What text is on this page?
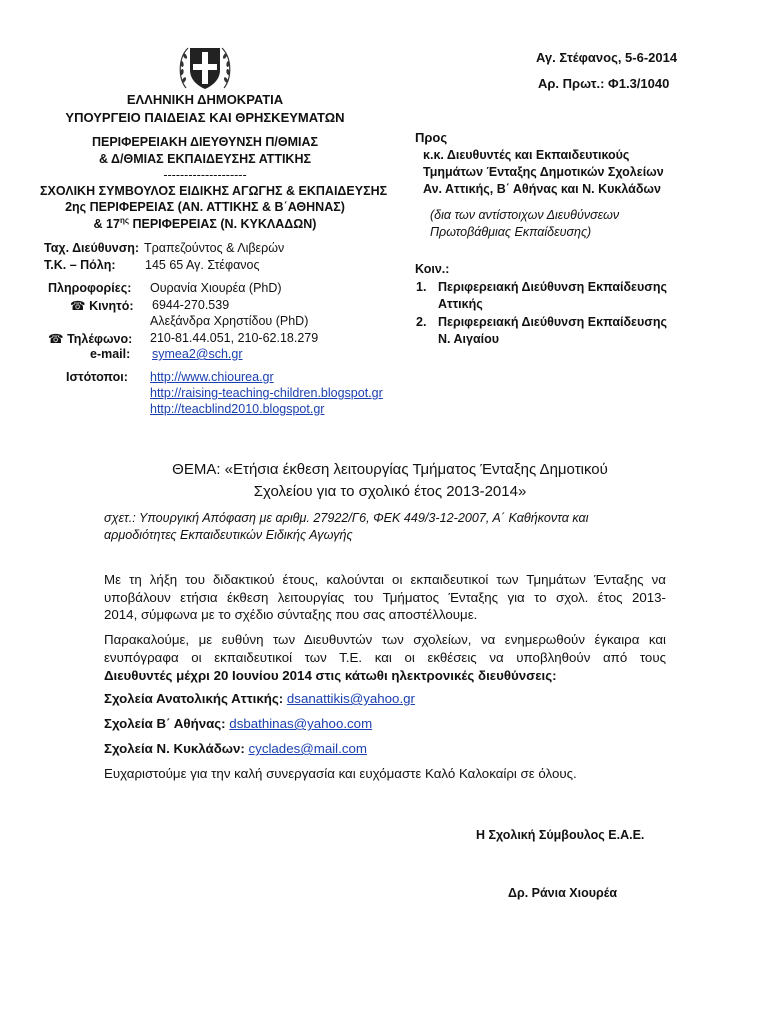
Αγ. Στέφανος, 5-6-2014
Αρ. Πρωτ.: Φ1.3/1040
ΕΛΛΗΝΙΚΗ ΔΗΜΟΚΡΑΤΙΑ
ΥΠΟΥΡΓΕΙΟ ΠΑΙΔΕΙΑΣ ΚΑΙ ΘΡΗΣΚΕΥΜΑΤΩΝ
ΠΕΡΙΦΕΡΕΙΑΚΗ ΔΙΕΥΘΥΝΣΗ Π/ΘΜΙΑΣ
& Δ/ΘΜΙΑΣ ΕΚΠΑΙΔΕΥΣΗΣ ΑΤΤΙΚΗΣ
--------------------
ΣΧΟΛΙΚΗ ΣΥΜΒΟΥΛΟΣ ΕΙΔΙΚΗΣ ΑΓΩΓΗΣ & ΕΚΠΑΙΔΕΥΣΗΣ
2ης ΠΕΡΙΦΕΡΕΙΑΣ (ΑΝ. ΑΤΤΙΚΗΣ & Β΄ΑΘΗΝΑΣ)
& $17^{\eta\varsigma}$ ΠΕΡΙΦΕΡΕΙΑΣ (Ν. ΚΥΚΛΑΔΩΝ)
Ταχ. Διεύθυνση: Τραπεζούντος & Λιβερών
Τ.Κ. – Πόλη: 145 65 Αγ. Στέφανος
Πληροφορίες: Ουρανία Χιουρέα (PhD)
☎ Κινητό: 6944-270.539
Αλεξάνδρα Χρηστίδου (PhD)
☎ Τηλέφωνο: 210-81.44.051, 210-62.18.279
e-mail: symea2@sch.gr
Ιστότοποι: http://www.chiourea.gr
http://raising-teaching-children.blogspot.gr
http://teacblind2010.blogspot.gr
Προς
κ.κ. Διευθυντές και Εκπαιδευτικούς
Τμημάτων Ένταξης Δημοτικών Σχολείων
Αν. Αττικής, Β΄ Αθήνας και Ν. Κυκλάδων
(δια των αντίστοιχων Διευθύνσεων
Πρωτοβάθμιας Εκπαίδευσης)
Κοιν.:
1. Περιφερειακή Διεύθυνση Εκπαίδευσης
Αττικής
2. Περιφερειακή Διεύθυνση Εκπαίδευσης
Ν. Αιγαίου
ΘΕΜΑ: «Ετήσια έκθεση λειτουργίας Τμήματος Ένταξης Δημοτικού
Σχολείου για το σχολικό έτος 2013-2014»
σχετ.: Υπουργική Απόφαση με αριθμ. 27922/Γ6, ΦΕΚ 449/3-12-2007, Α΄ Καθήκοντα και
αρμοδιότητες Εκπαιδευτικών Ειδικής Αγωγής
Με τη λήξη του διδακτικού έτους, καλούνται οι εκπαιδευτικοί των Τμημάτων Ένταξης να
υποβάλουν ετήσια έκθεση λειτουργίας του Τμήματος Ένταξης για το σχολ. έτος 2013-
2014, σύμφωνα με το σχέδιο σύνταξης που σας αποστέλλουμε.
Παρακαλούμε, με ευθύνη των Διευθυντών των σχολείων, να ενημερωθούν έγκαιρα και
ενυπόγραφα οι εκπαιδευτικοί των Τ.Ε. και οι εκθέσεις να υποβληθούν από τους
Διευθυντές μέχρι 20 Ιουνίου 2014 στις κάτωθι ηλεκτρονικές διευθύνσεις:
Σχολεία Ανατολικής Αττικής: dsanattikis@yahoo.gr
Σχολεία Β΄ Αθήνας: dsbathinas@yahoo.com
Σχολεία Ν. Κυκλάδων: cyclades@mail.com
Ευχαριστούμε για την καλή συνεργασία και ευχόμαστε Καλό Καλοκαίρι σε όλους.
Η Σχολική Σύμβουλος Ε.Α.Ε.
Δρ. Ράνια Χιουρέα
